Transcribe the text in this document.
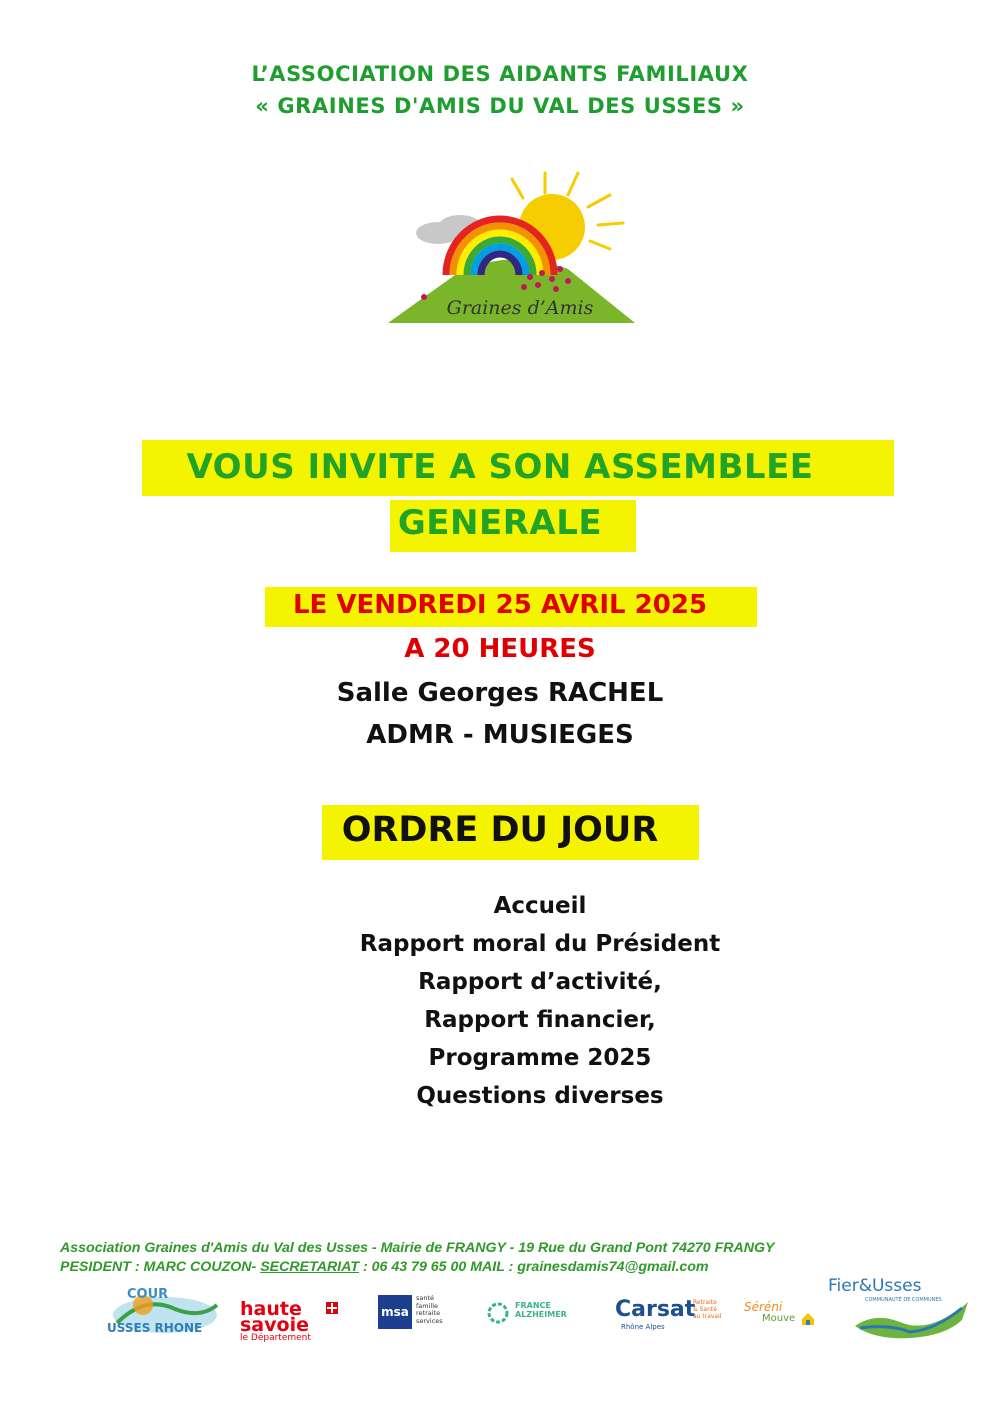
L’ASSOCIATION DES AIDANTS FAMILIAUX
« GRAINES D'AMIS DU VAL DES USSES »
Graines d’Amis
VOUS INVITE A SON ASSEMBLEE
GENERALE
LE VENDREDI 25 AVRIL 2025
A 20 HEURES
Salle Georges RACHEL
ADMR - MUSIEGES
ORDRE DU JOUR
Accueil
Rapport moral du Président
Rapport d’activité,
Rapport financier,
Programme 2025
Questions diverses
Association Graines d'Amis du Val des Usses - Mairie de FRANGY - 19 Rue du Grand Pont 74270 FRANGY
PESIDENT : MARC COUZON- SECRETARIAT : 06 43 79 65 00 MAIL : grainesdamis74@gmail.com
COUR
USSES RHONE
haute
savoie
le Département
msa
santé
famille
retraite
services
FRANCE
ALZHEIMER Carsat
Rhône Alpes
Retraite
& Santé
au travail
Séréni
Mouve
Fier&Usses
COMMUNAUTÉ DE COMMUNES
